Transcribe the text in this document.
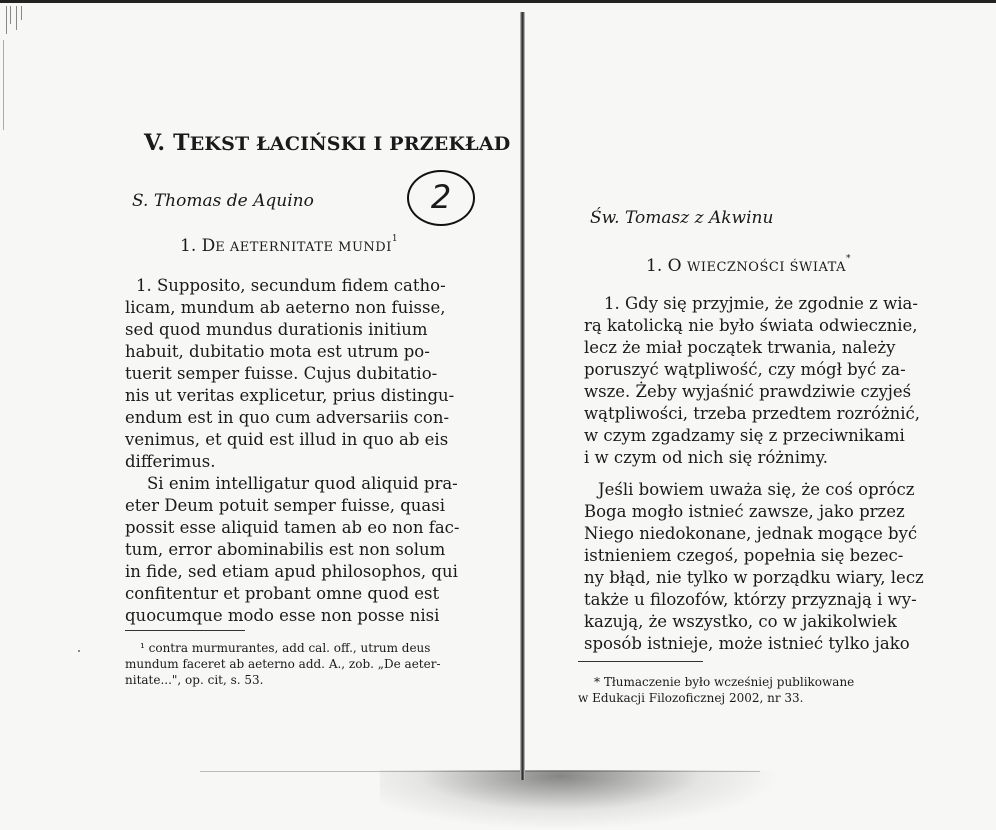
V. TEKST ŁACIŃSKI I PRZEKŁAD
S. Thomas de Aquino	2
1. DE AETERNITATE MUNDI$^1$
1. Supposito, secundum fidem catho-
licam, mundum ab aeterno non fuisse,
sed quod mundus durationis initium
habuit, dubitatio mota est utrum po-
tuerit semper fuisse. Cujus dubitatio-
nis ut veritas explicetur, prius distingu-
endum est in quo cum adversariis con-
venimus, et quid est illud in quo ab eis
differimus.
Si enim intelligatur quod aliquid pra-
eter Deum potuit semper fuisse, quasi
possit esse aliquid tamen ab eo non fac-
tum, error abominabilis est non solum
in fide, sed etiam apud philosophos, qui
confitentur et probant omne quod est
quocumque modo esse non posse nisi
¹ contra murmurantes, add cal. off., utrum deus
mundum faceret ab aeterno add. A., zob. „De aeter-
nitate...", op. cit, s. 53.
Św. Tomasz z Akwinu
1. O WIECZNOŚCI ŚWIATA*
1. Gdy się przyjmie, że zgodnie z wia-
rą katolicką nie było świata odwiecznie,
lecz że miał początek trwania, należy
poruszyć wątpliwość, czy mógł być za-
wsze. Żeby wyjaśnić prawdziwie czyjeś
wątpliwości, trzeba przedtem rozróżnić,
w czym zgadzamy się z przeciwnikami
i w czym od nich się różnimy.
Jeśli bowiem uważa się, że coś oprócz
Boga mogło istnieć zawsze, jako przez
Niego niedokonane, jednak mogące być
istnieniem czegoś, popełnia się bezec-
ny błąd, nie tylko w porządku wiary, lecz
także u filozofów, którzy przyznają i wy-
kazują, że wszystko, co w jakikolwiek
sposób istnieje, może istnieć tylko jako
* Tłumaczenie było wcześniej publikowane
w Edukacji Filozoficznej 2002, nr 33.
